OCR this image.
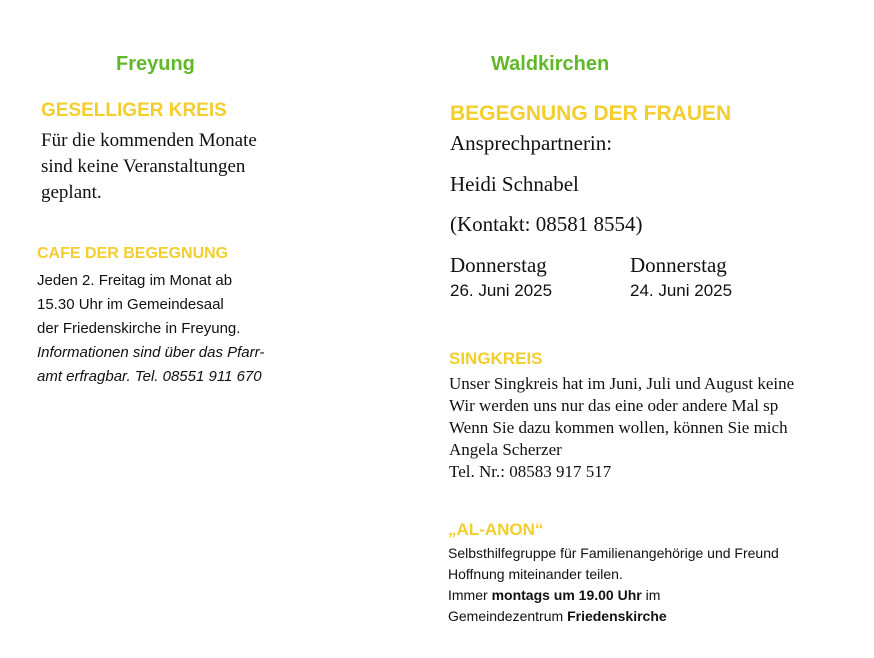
Freyung
GESELLIGER KREIS
Für die kommenden Monate
sind keine Veranstaltungen
geplant.
CAFE DER BEGEGNUNG
Jeden 2. Freitag im Monat ab
15.30 Uhr im Gemeindesaal
der Friedenskirche in Freyung.
Informationen sind über das Pfarr-
amt erfragbar. Tel. 08551 911 670
Waldkirchen
BEGEGNUNG DER FRAUEN
Ansprechpartnerin:
Heidi Schnabel
(Kontakt: 08581 8554)
Donnerstag
26. Juni 2025
Donnerstag
24. Juni 2025
SINGKREIS
Unser Singkreis hat im Juni, Juli und August keine
Wir werden uns nur das eine oder andere Mal sp
Wenn Sie dazu kommen wollen, können Sie mich
Angela Scherzer
Tel. Nr.: 08583 917 517
„AL-ANON“
Selbsthilfegruppe für Familienangehörige und Freund
Hoffnung miteinander teilen.
Immer montags um 19.00 Uhr im
Gemeindezentrum Friedenskirche
